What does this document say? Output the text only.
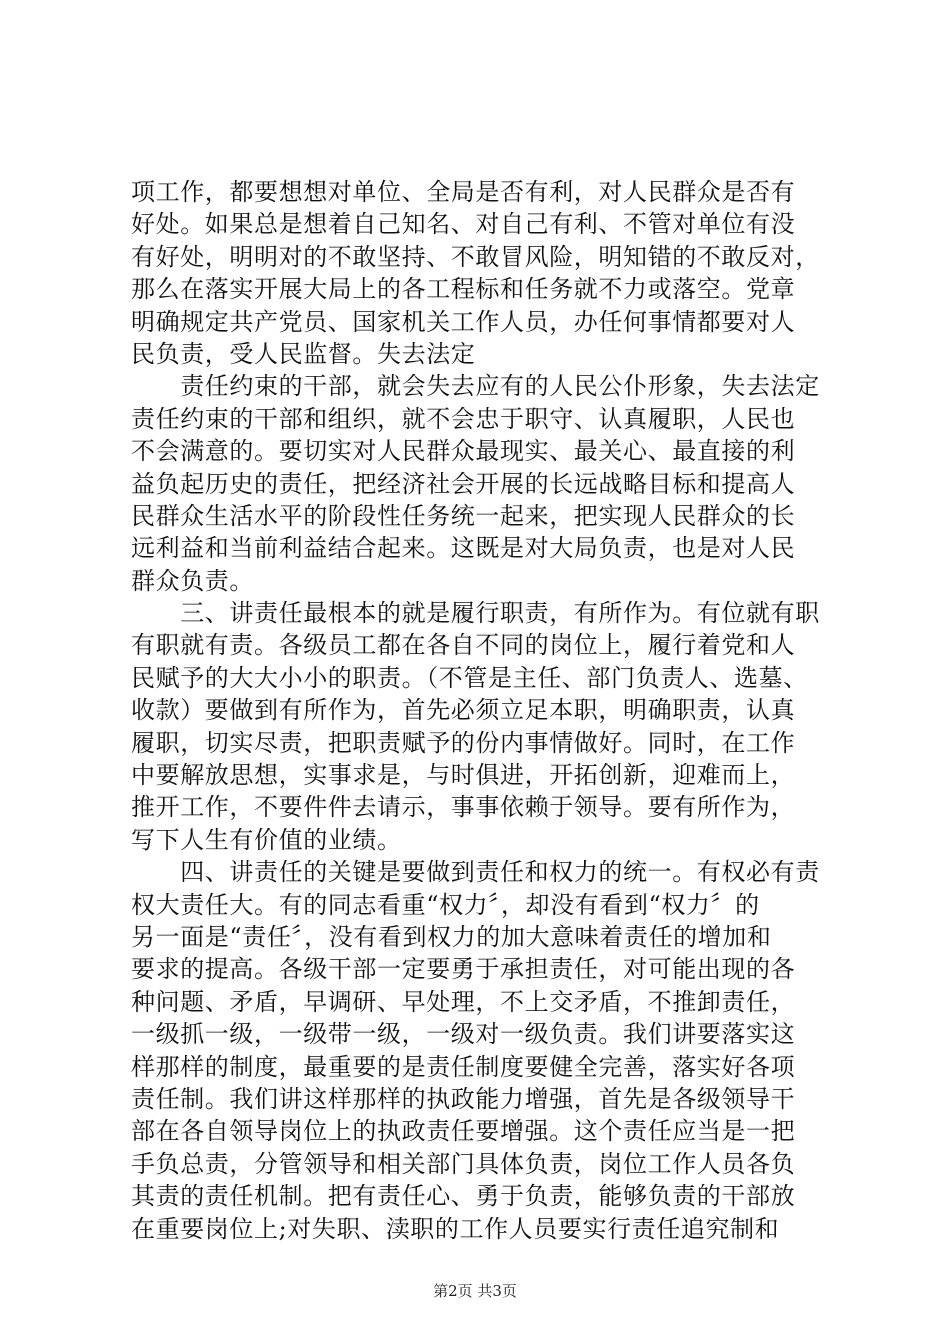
项工作，都要想想对单位、全局是否有利，对人民群众是否有
好处。如果总是想着自己知名、对自己有利、不管对单位有没
有好处，明明对的不敢坚持、不敢冒风险，明知错的不敢反对，
那么在落实开展大局上的各工程标和任务就不力或落空。党章
明确规定共产党员、国家机关工作人员，办任何事情都要对人
民负责，受人民监督。失去法定
　　责任约束的干部，就会失去应有的人民公仆形象，失去法定
责任约束的干部和组织，就不会忠于职守、认真履职，人民也
不会满意的。要切实对人民群众最现实、最关心、最直接的利
益负起历史的责任，把经济社会开展的长远战略目标和提高人
民群众生活水平的阶段性任务统一起来，把实现人民群众的长
远利益和当前利益结合起来。这既是对大局负责，也是对人民
群众负责。
　　三、讲责任最根本的就是履行职责，有所作为。有位就有职
有职就有责。各级员工都在各自不同的岗位上，履行着党和人
民赋予的大大小小的职责。（不管是主任、部门负责人、选墓、
收款）要做到有所作为，首先必须立足本职，明确职责，认真
履职，切实尽责，把职责赋予的份内事情做好。同时，在工作
中要解放思想，实事求是，与时俱进，开拓创新，迎难而上，
推开工作，不要件件去请示，事事依赖于领导。要有所作为，
写下人生有价值的业绩。
　　四、讲责任的关键是要做到责任和权力的统一。有权必有责
权大责任大。有的同志看重“权力〞，却没有看到“权力〞的
另一面是“责任〞，没有看到权力的加大意味着责任的增加和
要求的提高。各级干部一定要勇于承担责任，对可能出现的各
种问题、矛盾，早调研、早处理，不上交矛盾，不推卸责任，
一级抓一级，一级带一级，一级对一级负责。我们讲要落实这
样那样的制度，最重要的是责任制度要健全完善，落实好各项
责任制。我们讲这样那样的执政能力增强，首先是各级领导干
部在各自领导岗位上的执政责任要增强。这个责任应当是一把
手负总责，分管领导和相关部门具体负责，岗位工作人员各负
其责的责任机制。把有责任心、勇于负责，能够负责的干部放
在重要岗位上;对失职、渎职的工作人员要实行责任追究制和
第2页 共3页
